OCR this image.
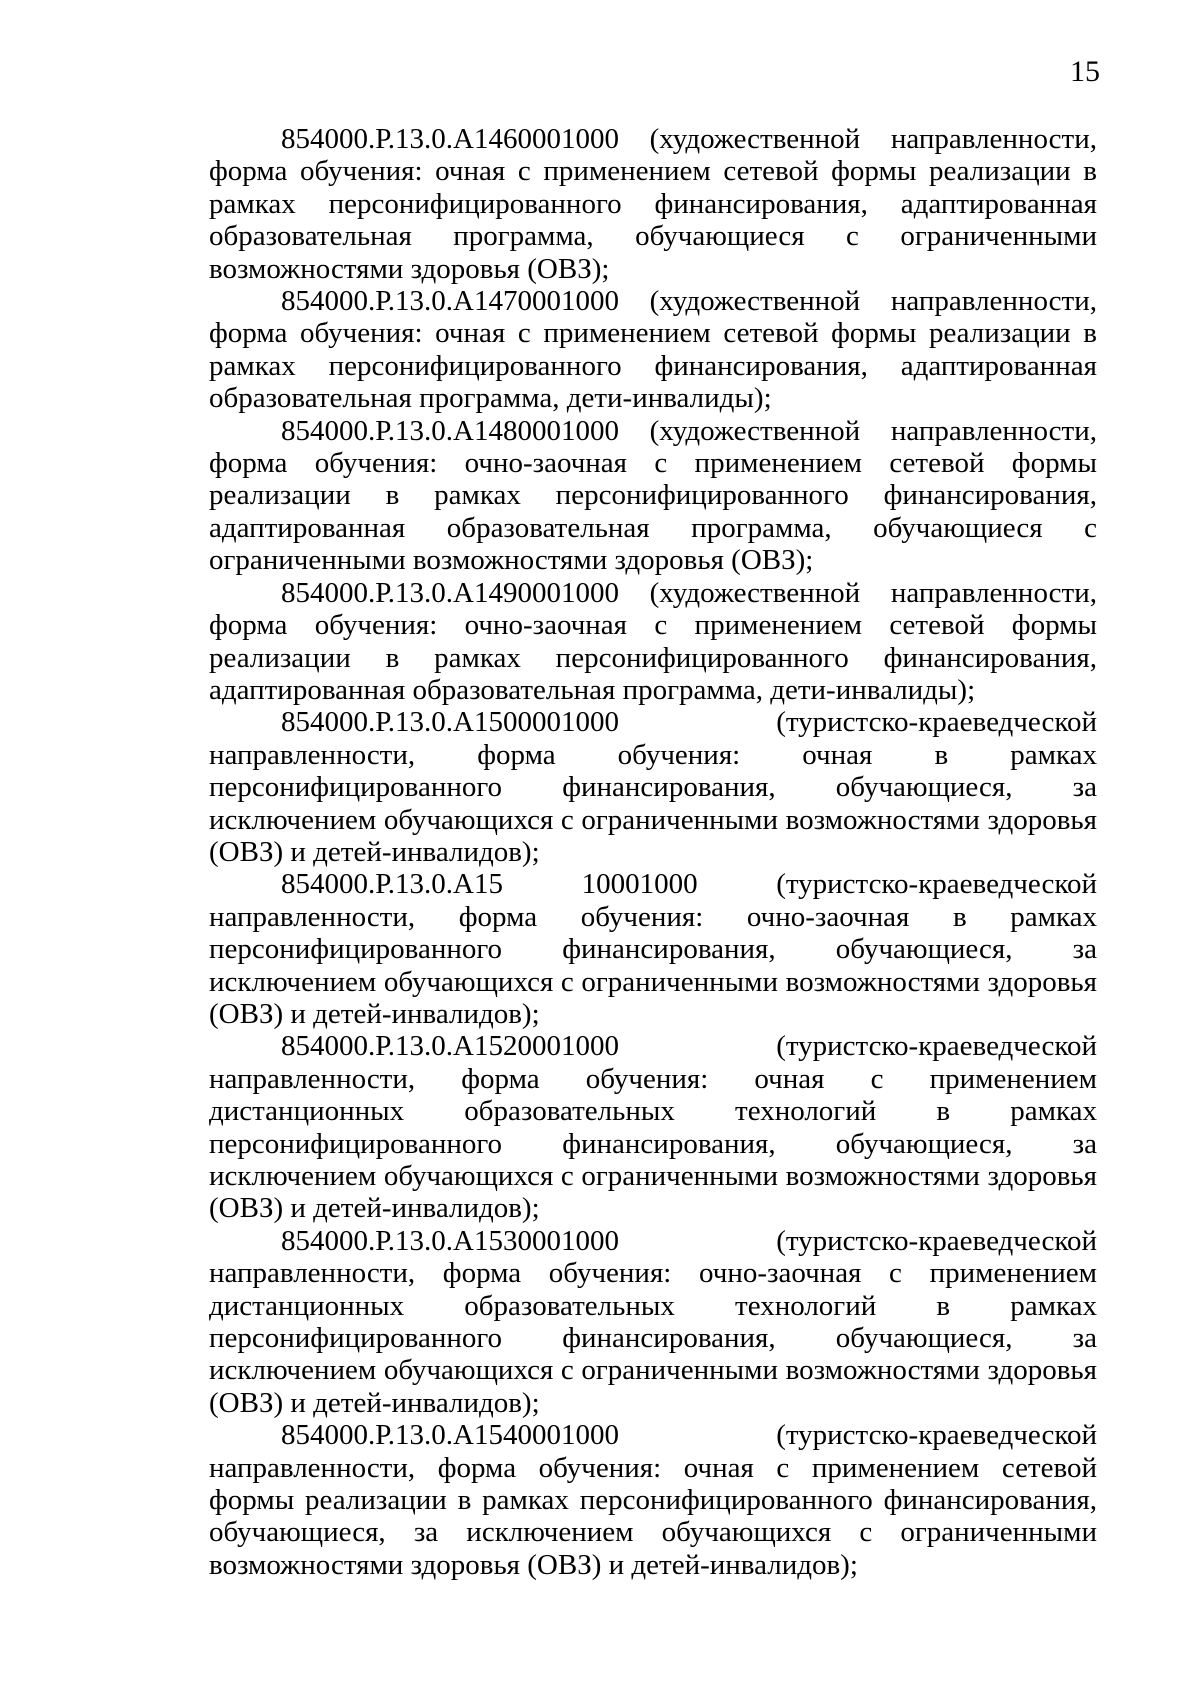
15

854000.Р.13.0.А1460001000 (художественной направленности, форма обучения: очная с применением сетевой формы реализации в рамках персонифицированного финансирования, адаптированная образовательная программа, обучающиеся с ограниченными возможностями здоровья (ОВЗ);

854000.Р.13.0.А1470001000 (художественной направленности, форма обучения: очная с применением сетевой формы реализации в рамках персонифицированного финансирования, адаптированная образовательная программа, дети-инвалиды);

854000.Р.13.0.А1480001000 (художественной направленности, форма обучения: очно-заочная с применением сетевой формы реализации в рамках персонифицированного финансирования, адаптированная образовательная программа, обучающиеся с ограниченными возможностями здоровья (ОВЗ);

854000.Р.13.0.А1490001000 (художественной направленности, форма обучения: очно-заочная с применением сетевой формы реализации в рамках персонифицированного финансирования, адаптированная образовательная программа, дети-инвалиды);

854000.Р.13.0.А1500001000 (туристско-краеведческой направленности, форма обучения: очная в рамках персонифицированного финансирования, обучающиеся, за исключением обучающихся с ограниченными возможностями здоровья (ОВЗ) и детей-инвалидов);

854000.Р.13.0.А15 10001000 (туристско-краеведческой направленности, форма обучения: очно-заочная в рамках персонифицированного финансирования, обучающиеся, за исключением обучающихся с ограниченными возможностями здоровья (ОВЗ) и детей-инвалидов);

854000.Р.13.0.А1520001000 (туристско-краеведческой направленности, форма обучения: очная с применением дистанционных образовательных технологий в рамках персонифицированного финансирования, обучающиеся, за исключением обучающихся с ограниченными возможностями здоровья (ОВЗ) и детей-инвалидов);

854000.Р.13.0.А1530001000 (туристско-краеведческой направленности, форма обучения: очно-заочная с применением дистанционных образовательных технологий в рамках персонифицированного финансирования, обучающиеся, за исключением обучающихся с ограниченными возможностями здоровья (ОВЗ) и детей-инвалидов);

854000.Р.13.0.А1540001000 (туристско-краеведческой направленности, форма обучения: очная с применением сетевой формы реализации в рамках персонифицированного финансирования, обучающиеся, за исключением обучающихся с ограниченными возможностями здоровья (ОВЗ) и детей-инвалидов);
